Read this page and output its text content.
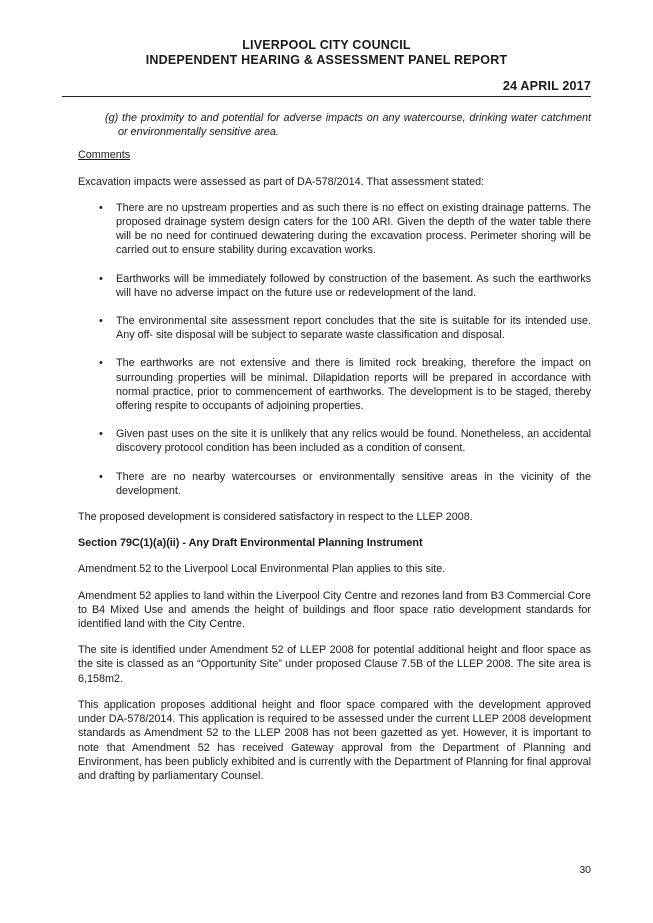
LIVERPOOL CITY COUNCIL
INDEPENDENT HEARING & ASSESSMENT PANEL REPORT
24 APRIL 2017

(g) the proximity to and potential for adverse impacts on any watercourse, drinking water catchment or environmentally sensitive area.

Comments

Excavation impacts were assessed as part of DA-578/2014. That assessment stated:

• There are no upstream properties and as such there is no effect on existing drainage patterns. The proposed drainage system design caters for the 100 ARI. Given the depth of the water table there will be no need for continued dewatering during the excavation process. Perimeter shoring will be carried out to ensure stability during excavation works.
• Earthworks will be immediately followed by construction of the basement. As such the earthworks will have no adverse impact on the future use or redevelopment of the land.
• The environmental site assessment report concludes that the site is suitable for its intended use. Any off- site disposal will be subject to separate waste classification and disposal.
• The earthworks are not extensive and there is limited rock breaking, therefore the impact on surrounding properties will be minimal. Dilapidation reports will be prepared in accordance with normal practice, prior to commencement of earthworks. The development is to be staged, thereby offering respite to occupants of adjoining properties.
• Given past uses on the site it is unlikely that any relics would be found. Nonetheless, an accidental discovery protocol condition has been included as a condition of consent.
• There are no nearby watercourses or environmentally sensitive areas in the vicinity of the development.

The proposed development is considered satisfactory in respect to the LLEP 2008.

Section 79C(1)(a)(ii) - Any Draft Environmental Planning Instrument

Amendment 52 to the Liverpool Local Environmental Plan applies to this site.

Amendment 52 applies to land within the Liverpool City Centre and rezones land from B3 Commercial Core to B4 Mixed Use and amends the height of buildings and floor space ratio development standards for identified land with the City Centre.

The site is identified under Amendment 52 of LLEP 2008 for potential additional height and floor space as the site is classed as an “Opportunity Site” under proposed Clause 7.5B of the LLEP 2008. The site area is 6,158m2.

This application proposes additional height and floor space compared with the development approved under DA-578/2014. This application is required to be assessed under the current LLEP 2008 development standards as Amendment 52 to the LLEP 2008 has not been gazetted as yet. However, it is important to note that Amendment 52 has received Gateway approval from the Department of Planning and Environment, has been publicly exhibited and is currently with the Department of Planning for final approval and drafting by parliamentary Counsel.

30
